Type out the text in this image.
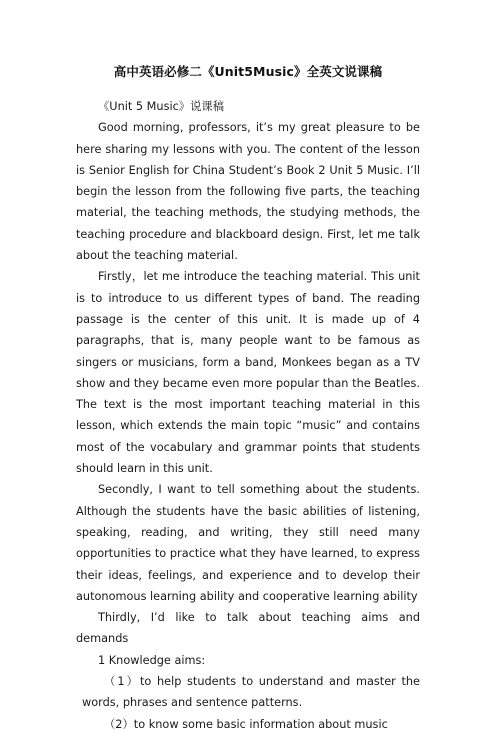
高中英语必修二《Unit5Music》全英文说课稿

《Unit 5 Music》说课稿

Good morning, professors, it’s my great pleasure to be here sharing my lessons with you. The content of the lesson is Senior English for China Student’s Book 2 Unit 5 Music. I’ll begin the lesson from the following five parts, the teaching material, the teaching methods, the studying methods, the teaching procedure and blackboard design. First, let me talk about the teaching material.

Firstly，let me introduce the teaching material. This unit is to introduce to us different types of band. The reading passage is the center of this unit. It is made up of 4 paragraphs, that is, many people want to be famous as singers or musicians, form a band, Monkees began as a TV show and they became even more popular than the Beatles. The text is the most important teaching material in this lesson, which extends the main topic “music” and contains most of the vocabulary and grammar points that students should learn in this unit.

Secondly, I want to tell something about the students. Although the students have the basic abilities of listening, speaking, reading, and writing, they still need many opportunities to practice what they have learned, to express their ideas, feelings, and experience and to develop their autonomous learning ability and cooperative learning ability

Thirdly, I’d like to talk about teaching aims and demands

1 Knowledge aims:

（1）to help students to understand and master the words, phrases and sentence patterns.

（2）to know some basic information about music
